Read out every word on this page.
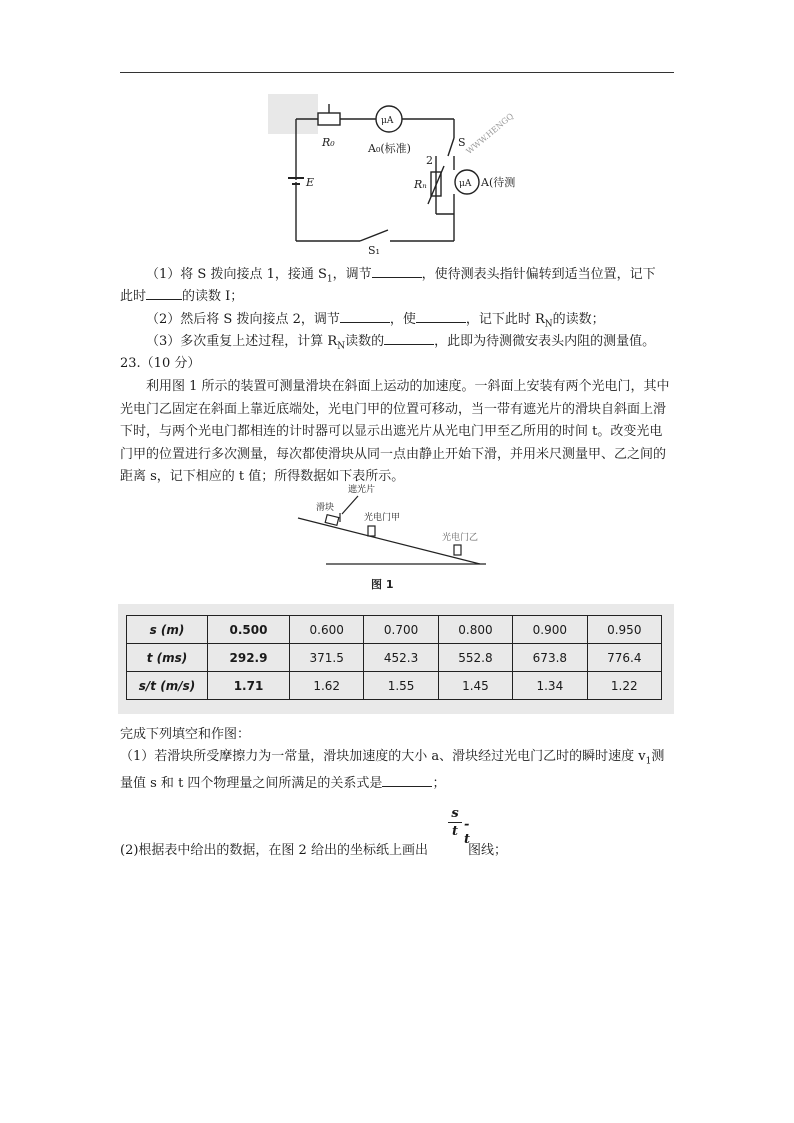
R₀
μA
A₀(标准)
E
S
2
Rₙ	μA A(待测
S₁
WWW.HENGQ
（1）将 S 拨向接点 1，接通 $S_1$，调节	，使待测表头指针偏转到适当位置，记下
此时	的读数 I；
（2）然后将 S 拨向接点 2，调节	，使	，记下此时 $R_N$的读数；
（3）多次重复上述过程，计算 $R_N$读数的	，此即为待测微安表头内阻的测量值。
23.（10 分）
利用图 1 所示的装置可测量滑块在斜面上运动的加速度。一斜面上安装有两个光电门，其中光电门乙固定在斜面上靠近底端处，光电门甲的位置可移动，当一带有遮光片的滑块自斜面上滑下时，与两个光电门都相连的计时器可以显示出遮光片从光电门甲至乙所用的时间 t。改变光电门甲的位置进行多次测量，每次都使滑块从同一点由静止开始下滑，并用米尺测量甲、乙之间的距离 s，记下相应的 t 值；所得数据如下表所示。
遮光片
滑块
光电门甲
光电门乙
图 1
s (m)	0.500	0.600	0.700	0.800	0.900	0.950
t (ms)	292.9	371.5	452.3	552.8	673.8	776.4
s/t (m/s)	1.71	1.62	1.55	1.45	1.34	1.22
完成下列填空和作图：
（1）若滑块所受摩擦力为一常量，滑块加速度的大小 a、滑块经过光电门乙时的瞬时速度 $v_1$测量值 s 和 t 四个物理量之间所满足的关系式是	；
s
t -t
(2)根据表中给出的数据，在图 2 给出的坐标纸上画出	图线；
